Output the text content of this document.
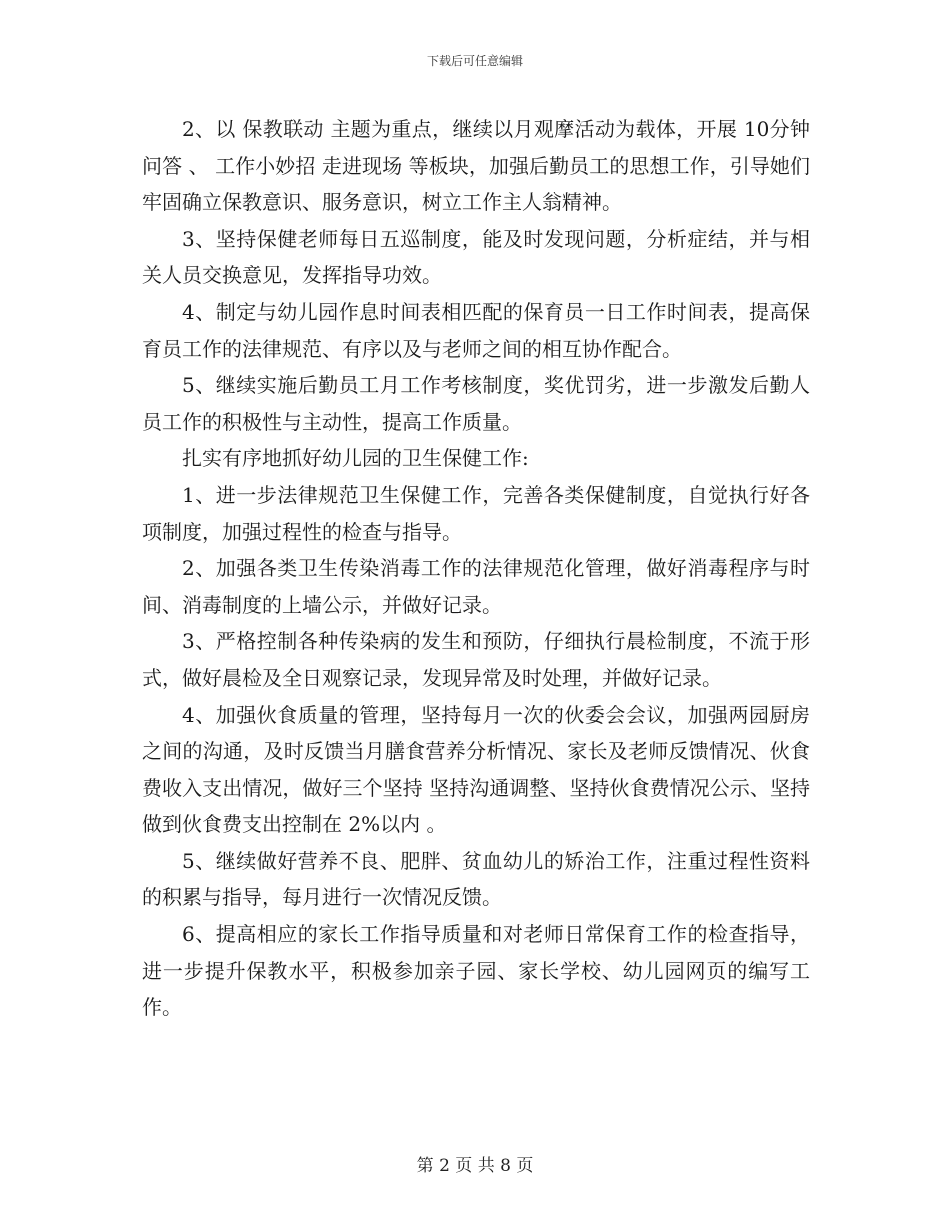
下载后可任意编辑

2、以 保教联动 主题为重点，继续以月观摩活动为载体，开展 10分钟问答 、 工作小妙招 走进现场 等板块，加强后勤员工的思想工作，引导她们牢固确立保教意识、服务意识，树立工作主人翁精神。

3、坚持保健老师每日五巡制度，能及时发现问题，分析症结，并与相关人员交换意见，发挥指导功效。

4、制定与幼儿园作息时间表相匹配的保育员一日工作时间表，提高保育员工作的法律规范、有序以及与老师之间的相互协作配合。

5、继续实施后勤员工月工作考核制度，奖优罚劣，进一步激发后勤人员工作的积极性与主动性，提高工作质量。

扎实有序地抓好幼儿园的卫生保健工作:

1、进一步法律规范卫生保健工作，完善各类保健制度，自觉执行好各项制度，加强过程性的检查与指导。

2、加强各类卫生传染消毒工作的法律规范化管理，做好消毒程序与时间、消毒制度的上墙公示，并做好记录。

3、严格控制各种传染病的发生和预防，仔细执行晨检制度，不流于形式，做好晨检及全日观察记录，发现异常及时处理，并做好记录。

4、加强伙食质量的管理，坚持每月一次的伙委会会议，加强两园厨房之间的沟通，及时反馈当月膳食营养分析情况、家长及老师反馈情况、伙食费收入支出情况，做好三个坚持 坚持沟通调整、坚持伙食费情况公示、坚持做到伙食费支出控制在 2%以内 。

5、继续做好营养不良、肥胖、贫血幼儿的矫治工作，注重过程性资料的积累与指导，每月进行一次情况反馈。

6、提高相应的家长工作指导质量和对老师日常保育工作的检查指导，进一步提升保教水平，积极参加亲子园、家长学校、幼儿园网页的编写工作。

第 2 页 共 8 页
